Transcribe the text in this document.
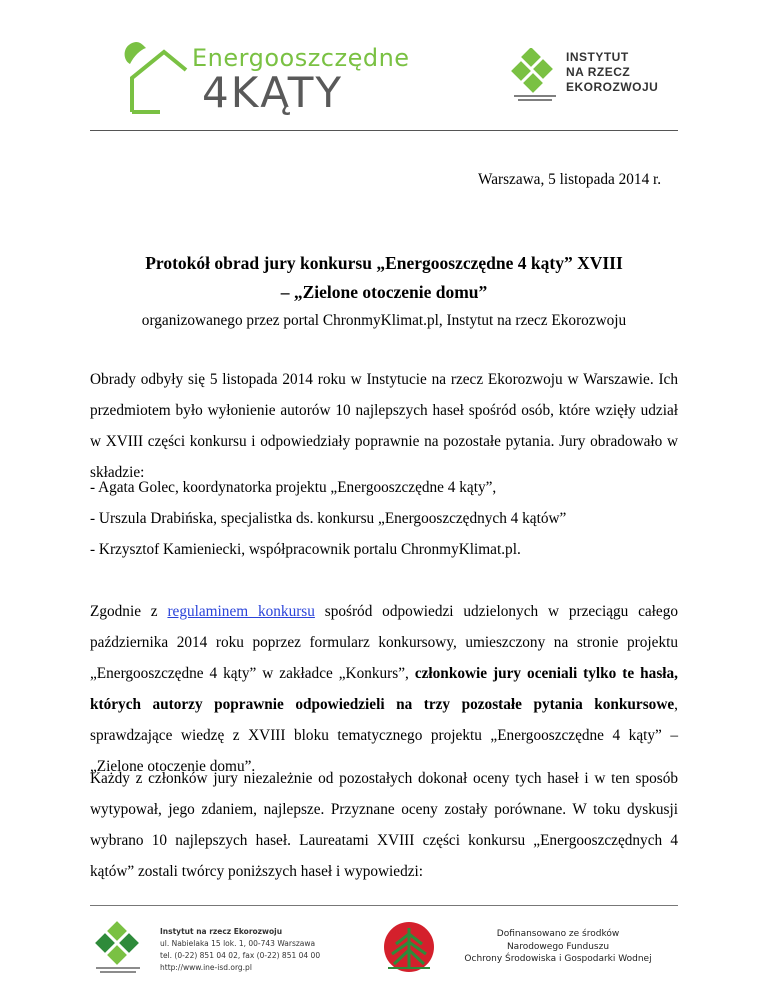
Energooszczędne
4KĄTY
INSTYTUT
NA RZECZ
EKOROZWOJU
Warszawa, 5 listopada 2014 r.
Protokół obrad jury konkursu „Energooszczędne 4 kąty” XVIII
– „Zielone otoczenie domu”
organizowanego przez portal ChronmyKlimat.pl, Instytut na rzecz Ekorozwoju
Obrady odbyły się 5 listopada 2014 roku w Instytucie na rzecz Ekorozwoju w Warszawie. Ich przedmiotem było wyłonienie autorów 10 najlepszych haseł spośród osób, które wzięły udział w XVIII części konkursu i odpowiedziały poprawnie na pozostałe pytania. Jury obradowało w składzie:
- Agata Golec, koordynatorka projektu „Energooszczędne 4 kąty”,
- Urszula Drabińska, specjalistka ds. konkursu „Energooszczędnych 4 kątów”
- Krzysztof Kamieniecki, współpracownik portalu ChronmyKlimat.pl.
Zgodnie z regulaminem konkursu spośród odpowiedzi udzielonych w przeciągu całego października 2014 roku poprzez formularz konkursowy, umieszczony na stronie projektu „Energooszczędne 4 kąty” w zakładce „Konkurs”, członkowie jury oceniali tylko te hasła, których autorzy poprawnie odpowiedzieli na trzy pozostałe pytania konkursowe, sprawdzające wiedzę z XVIII bloku tematycznego projektu „Energooszczędne 4 kąty” – „Zielone otoczenie domu”.
Każdy z członków jury niezależnie od pozostałych dokonał oceny tych haseł i w ten sposób wytypował, jego zdaniem, najlepsze. Przyznane oceny zostały porównane. W toku dyskusji wybrano 10 najlepszych haseł. Laureatami XVIII części konkursu „Energooszczędnych 4 kątów” zostali twórcy poniższych haseł i wypowiedzi:
Instytut na rzecz Ekorozwoju
ul. Nabielaka 15 lok. 1, 00-743 Warszawa
tel. (0-22) 851 04 02, fax (0-22) 851 04 00
http://www.ine-isd.org.pl
Dofinansowano ze środków
Narodowego Funduszu
Ochrony Środowiska i Gospodarki Wodnej
